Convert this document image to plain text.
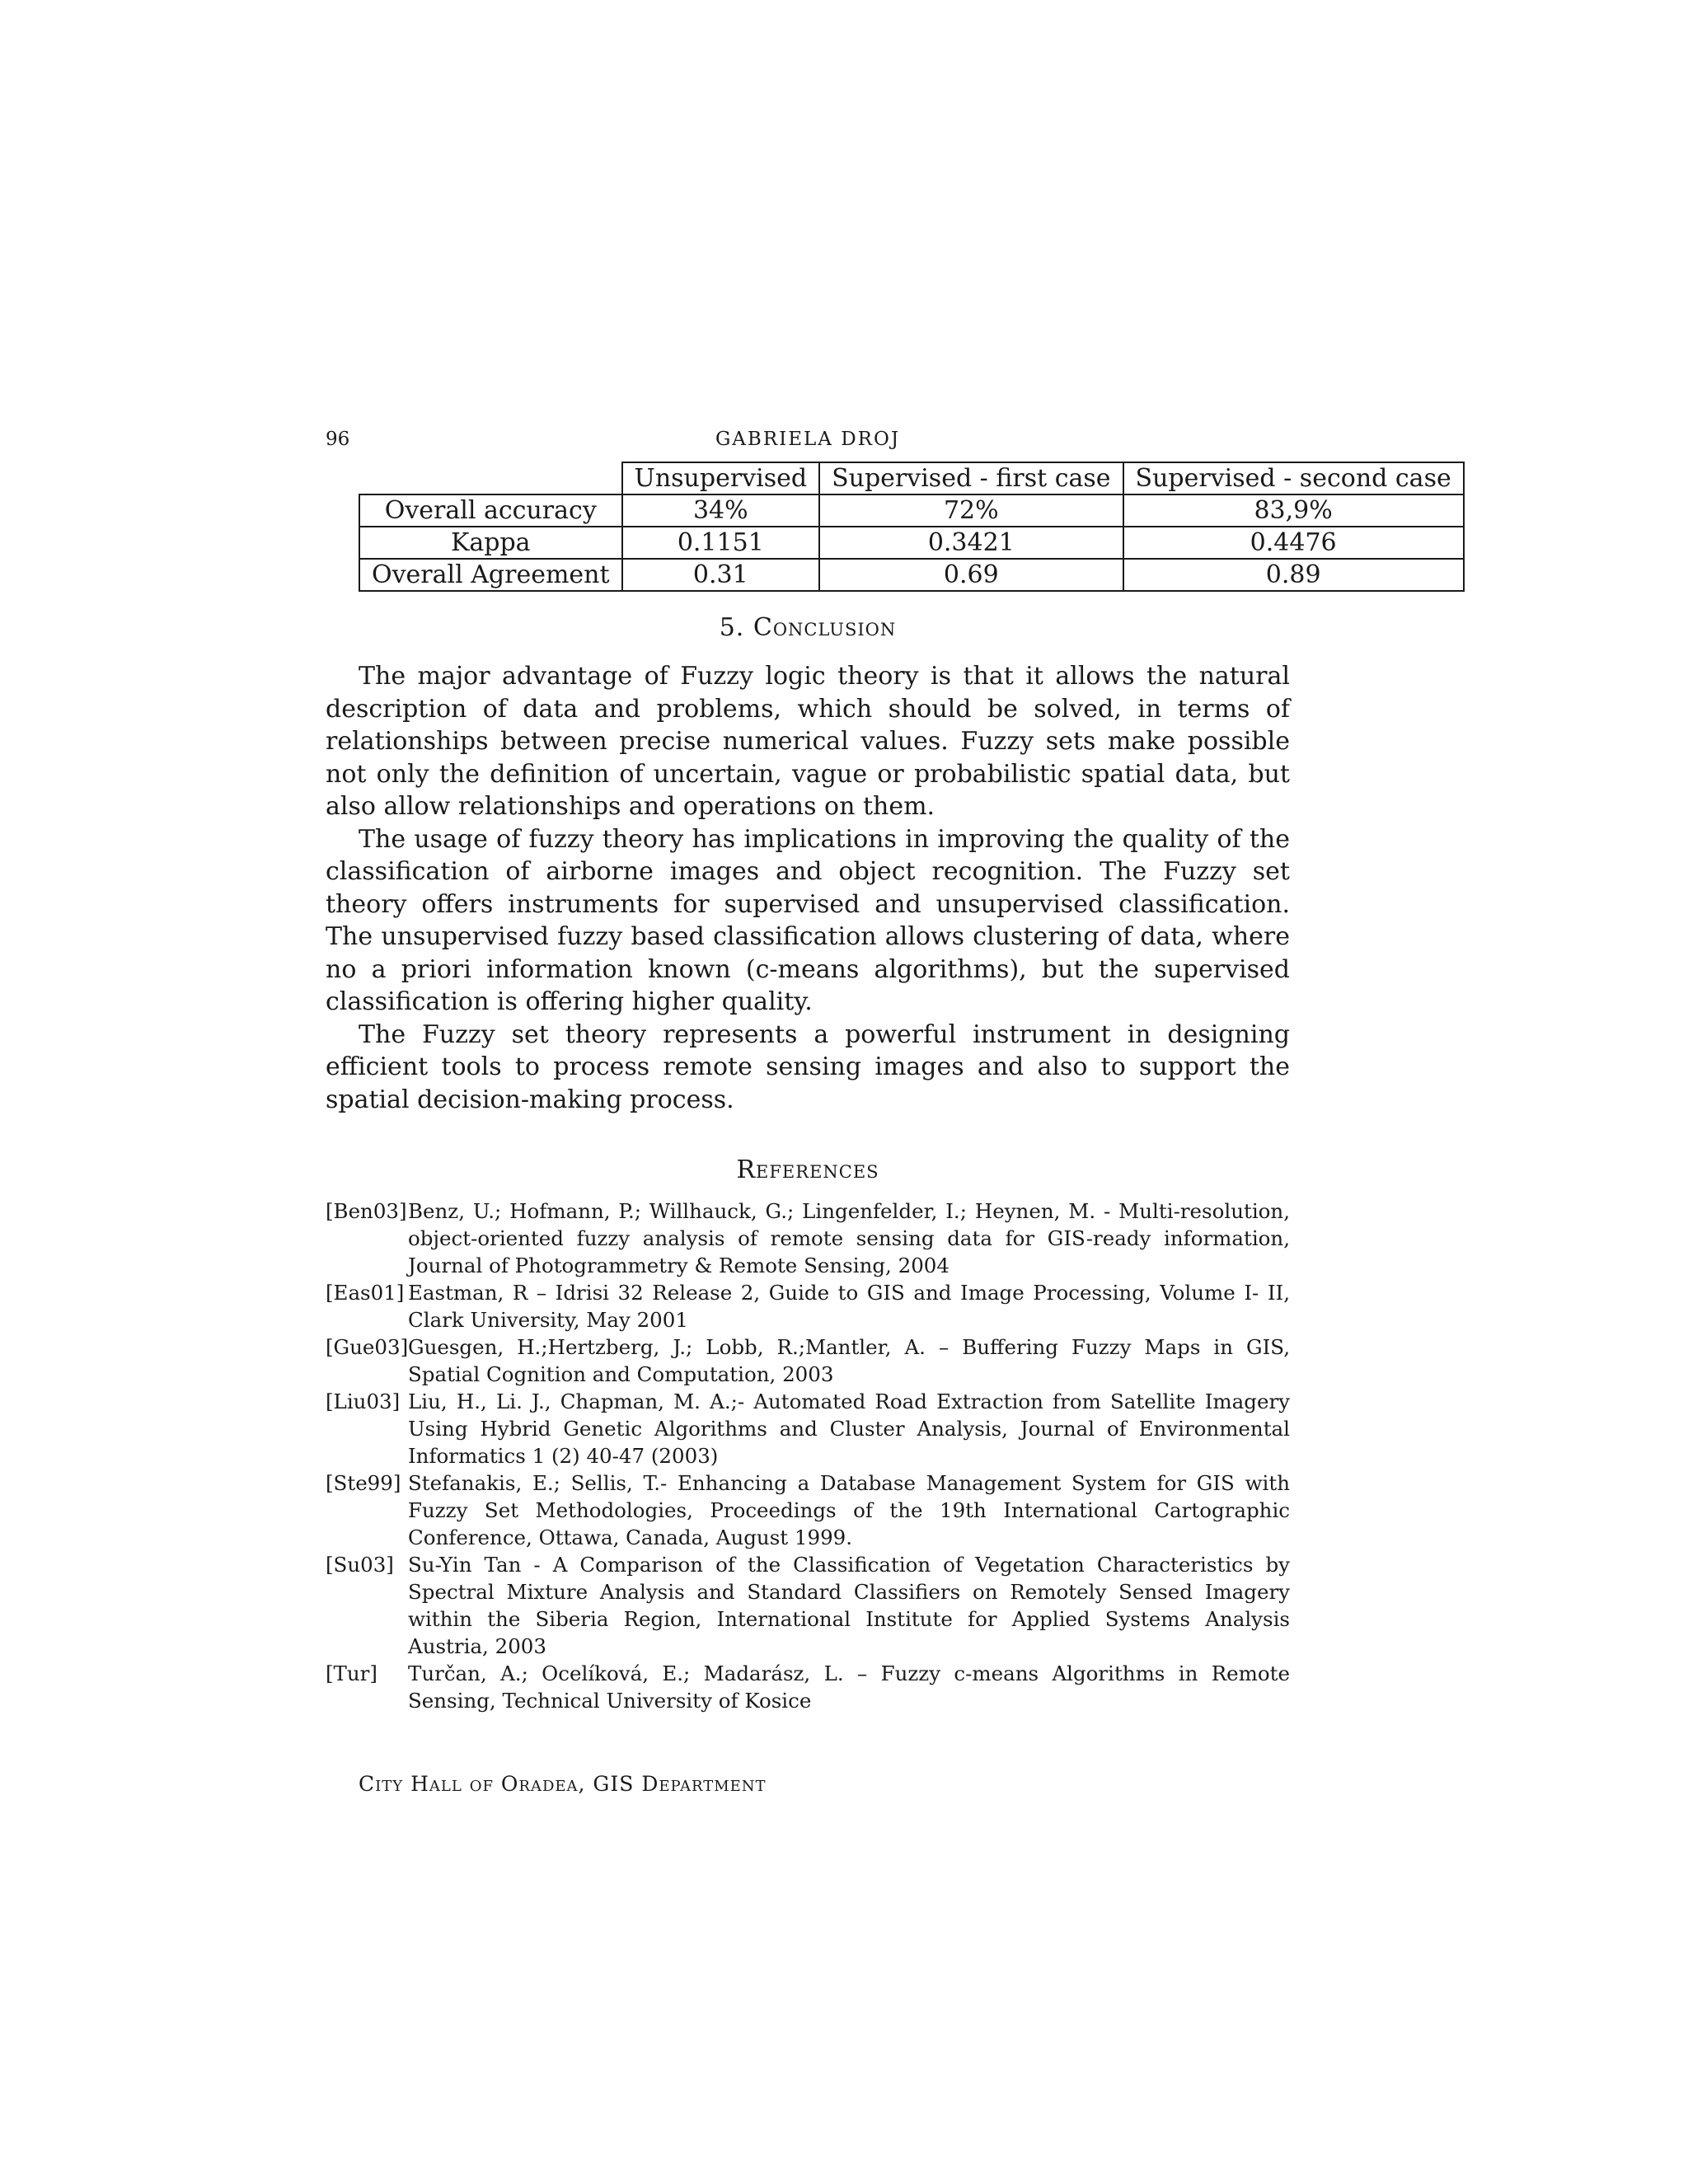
96	GABRIELA DROJ
	Unsupervised	Supervised - first case	Supervised - second case
Overall accuracy	34%	72%	83,9%
Kappa	0.1151	0.3421	0.4476
Overall Agreement	0.31	0.69	0.89
5. Conclusion

The major advantage of Fuzzy logic theory is that it allows the natural description of data and problems, which should be solved, in terms of relationships between precise numerical values. Fuzzy sets make possible not only the definition of uncertain, vague or probabilistic spatial data, but also allow relationships and operations on them.

The usage of fuzzy theory has implications in improving the quality of the classification of airborne images and object recognition. The Fuzzy set theory offers instruments for supervised and unsupervised classification. The unsupervised fuzzy based classification allows clustering of data, where no a priori information known (c-means algorithms), but the supervised classification is offering higher quality.

The Fuzzy set theory represents a powerful instrument in designing efficient tools to process remote sensing images and also to support the spatial decision-making process.

References
[Ben03] Benz, U.; Hofmann, P.; Willhauck, G.; Lingenfelder, I.; Heynen, M. - Multi-resolution, object-oriented fuzzy analysis of remote sensing data for GIS-ready information, Journal of Photogrammetry & Remote Sensing, 2004
[Eas01] Eastman, R – Idrisi 32 Release 2, Guide to GIS and Image Processing, Volume I- II, Clark University, May 2001
[Gue03] Guesgen, H.;Hertzberg, J.; Lobb, R.;Mantler, A. – Buffering Fuzzy Maps in GIS, Spatial Cognition and Computation, 2003
[Liu03] Liu, H., Li. J., Chapman, M. A.;- Automated Road Extraction from Satellite Imagery Using Hybrid Genetic Algorithms and Cluster Analysis, Journal of Environmental Informatics 1 (2) 40-47 (2003)
[Ste99] Stefanakis, E.; Sellis, T.- Enhancing a Database Management System for GIS with Fuzzy Set Methodologies, Proceedings of the 19th International Cartographic Conference, Ottawa, Canada, August 1999.
[Su03] Su-Yin Tan - A Comparison of the Classification of Vegetation Characteristics by Spectral Mixture Analysis and Standard Classifiers on Remotely Sensed Imagery within the Siberia Region, International Institute for Applied Systems Analysis Austria, 2003
[Tur]	Turčan, A.; Ocelíková, E.; Madarász, L. – Fuzzy c-means Algorithms in Remote Sensing, Technical University of Kosice
City Hall of Oradea, GIS Department
